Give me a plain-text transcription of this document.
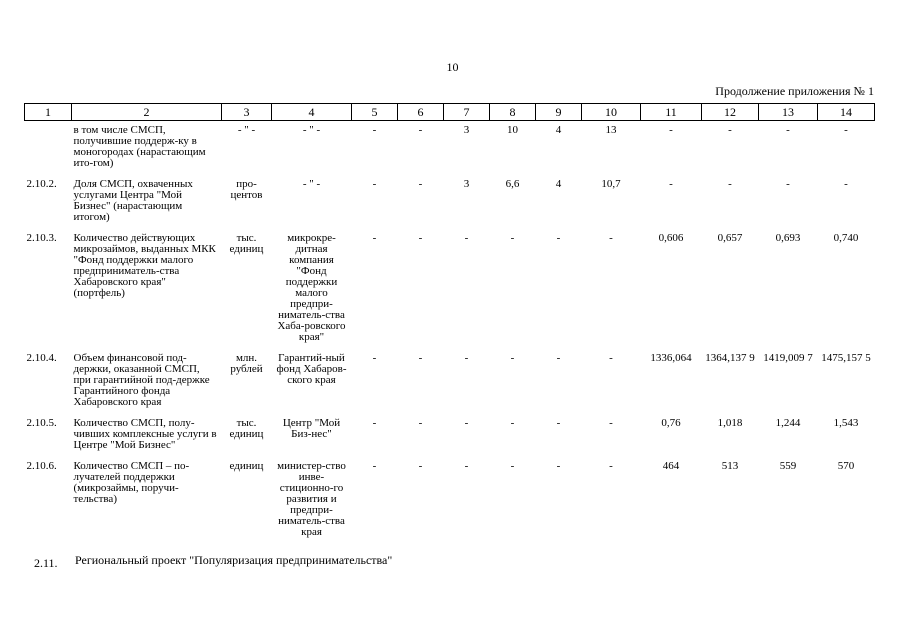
10
Продолжение приложения № 1
1	2	3	4	5	6	7	8	9	10	11	12	13	14
	в том числе СМСП, получившие поддерж-ку в моногородах (нарастающим ито-гом)	- " -	- " -	-	-	3	10	4	13	-	-	-	-
2.10.2.	Доля СМСП, охваченных услугами Центра "Мой Бизнес" (нарастающим итогом)	про-центов	- " -	-	-	3	6,6	4	10,7	-	-	-	-
2.10.3.	Количество действующих микрозаймов, выданных МКК "Фонд поддержки малого предприниматель-ства Хабаровского края" (портфель)	тыс. единиц	микрокре-дитная компания "Фонд поддержки малого предпри-ниматель-ства Хаба-ровского края"	-	-	-	-	-	-	0,606	0,657	0,693	0,740
2.10.4.	Объем финансовой под-держки, оказанной СМСП, при гарантийной под-держке Гарантийного фонда Хабаровского края	млн. рублей	Гарантий-ный фонд Хабаров-ского края	-	-	-	-	-	-	1336,064	1364,137 9	1419,009 7	1475,157 5
2.10.5.	Количество СМСП, полу-чивших комплексные услуги в Центре "Мой Бизнес"	тыс. единиц	Центр "Мой Биз-нес"	-	-	-	-	-	-	0,76	1,018	1,244	1,543
2.10.6.	Количество СМСП – по-лучателей поддержки (микрозаймы, поручи-тельства)	единиц	министер-ство инве-стиционно-го развития и предпри-ниматель-ства края	-	-	-	-	-	-	464	513	559	570
2.11. Региональный проект "Популяризация предпринимательства"
